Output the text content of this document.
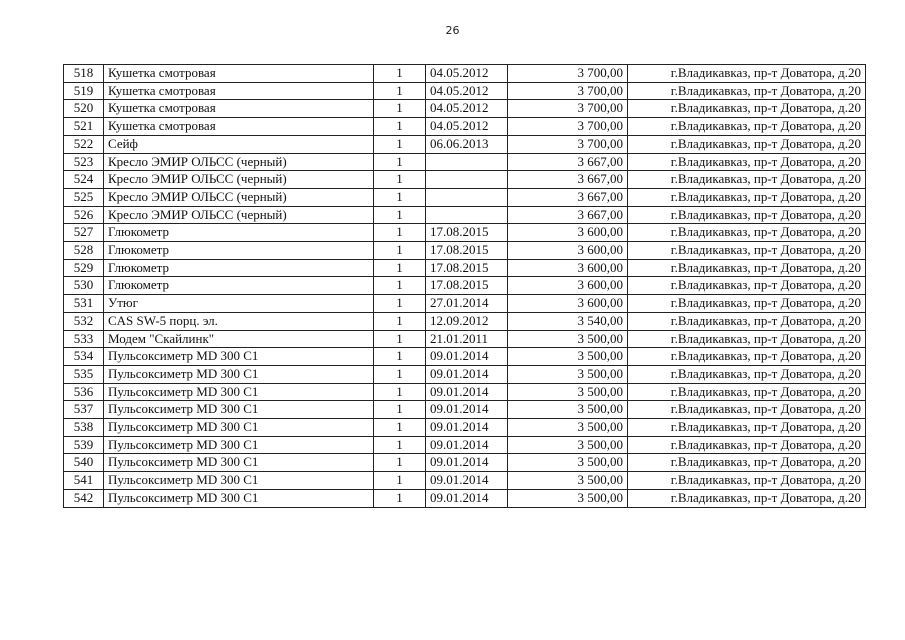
26
518	Кушетка смотровая	1	04.05.2012	3 700,00	г.Владикавказ, пр-т Доватора, д.20
519	Кушетка смотровая	1	04.05.2012	3 700,00	г.Владикавказ, пр-т Доватора, д.20
520	Кушетка смотровая	1	04.05.2012	3 700,00	г.Владикавказ, пр-т Доватора, д.20
521	Кушетка смотровая	1	04.05.2012	3 700,00	г.Владикавказ, пр-т Доватора, д.20
522	Сейф	1	06.06.2013	3 700,00	г.Владикавказ, пр-т Доватора, д.20
523	Кресло ЭМИР ОЛЬСС (черный)	1		3 667,00	г.Владикавказ, пр-т Доватора, д.20
524	Кресло ЭМИР ОЛЬСС (черный)	1		3 667,00	г.Владикавказ, пр-т Доватора, д.20
525	Кресло ЭМИР ОЛЬСС (черный)	1		3 667,00	г.Владикавказ, пр-т Доватора, д.20
526	Кресло ЭМИР ОЛЬСС (черный)	1		3 667,00	г.Владикавказ, пр-т Доватора, д.20
527	Глюкометр	1	17.08.2015	3 600,00	г.Владикавказ, пр-т Доватора, д.20
528	Глюкометр	1	17.08.2015	3 600,00	г.Владикавказ, пр-т Доватора, д.20
529	Глюкометр	1	17.08.2015	3 600,00	г.Владикавказ, пр-т Доватора, д.20
530	Глюкометр	1	17.08.2015	3 600,00	г.Владикавказ, пр-т Доватора, д.20
531	Утюг	1	27.01.2014	3 600,00	г.Владикавказ, пр-т Доватора, д.20
532	CAS SW-5 порц. эл.	1	12.09.2012	3 540,00	г.Владикавказ, пр-т Доватора, д.20
533	Модем "Скайлинк"	1	21.01.2011	3 500,00	г.Владикавказ, пр-т Доватора, д.20
534	Пульсоксиметр MD 300 C1	1	09.01.2014	3 500,00	г.Владикавказ, пр-т Доватора, д.20
535	Пульсоксиметр MD 300 C1	1	09.01.2014	3 500,00	г.Владикавказ, пр-т Доватора, д.20
536	Пульсоксиметр MD 300 C1	1	09.01.2014	3 500,00	г.Владикавказ, пр-т Доватора, д.20
537	Пульсоксиметр MD 300 C1	1	09.01.2014	3 500,00	г.Владикавказ, пр-т Доватора, д.20
538	Пульсоксиметр MD 300 C1	1	09.01.2014	3 500,00	г.Владикавказ, пр-т Доватора, д.20
539	Пульсоксиметр MD 300 C1	1	09.01.2014	3 500,00	г.Владикавказ, пр-т Доватора, д.20
540	Пульсоксиметр MD 300 C1	1	09.01.2014	3 500,00	г.Владикавказ, пр-т Доватора, д.20
541	Пульсоксиметр MD 300 C1	1	09.01.2014	3 500,00	г.Владикавказ, пр-т Доватора, д.20
542	Пульсоксиметр MD 300 C1	1	09.01.2014	3 500,00	г.Владикавказ, пр-т Доватора, д.20
